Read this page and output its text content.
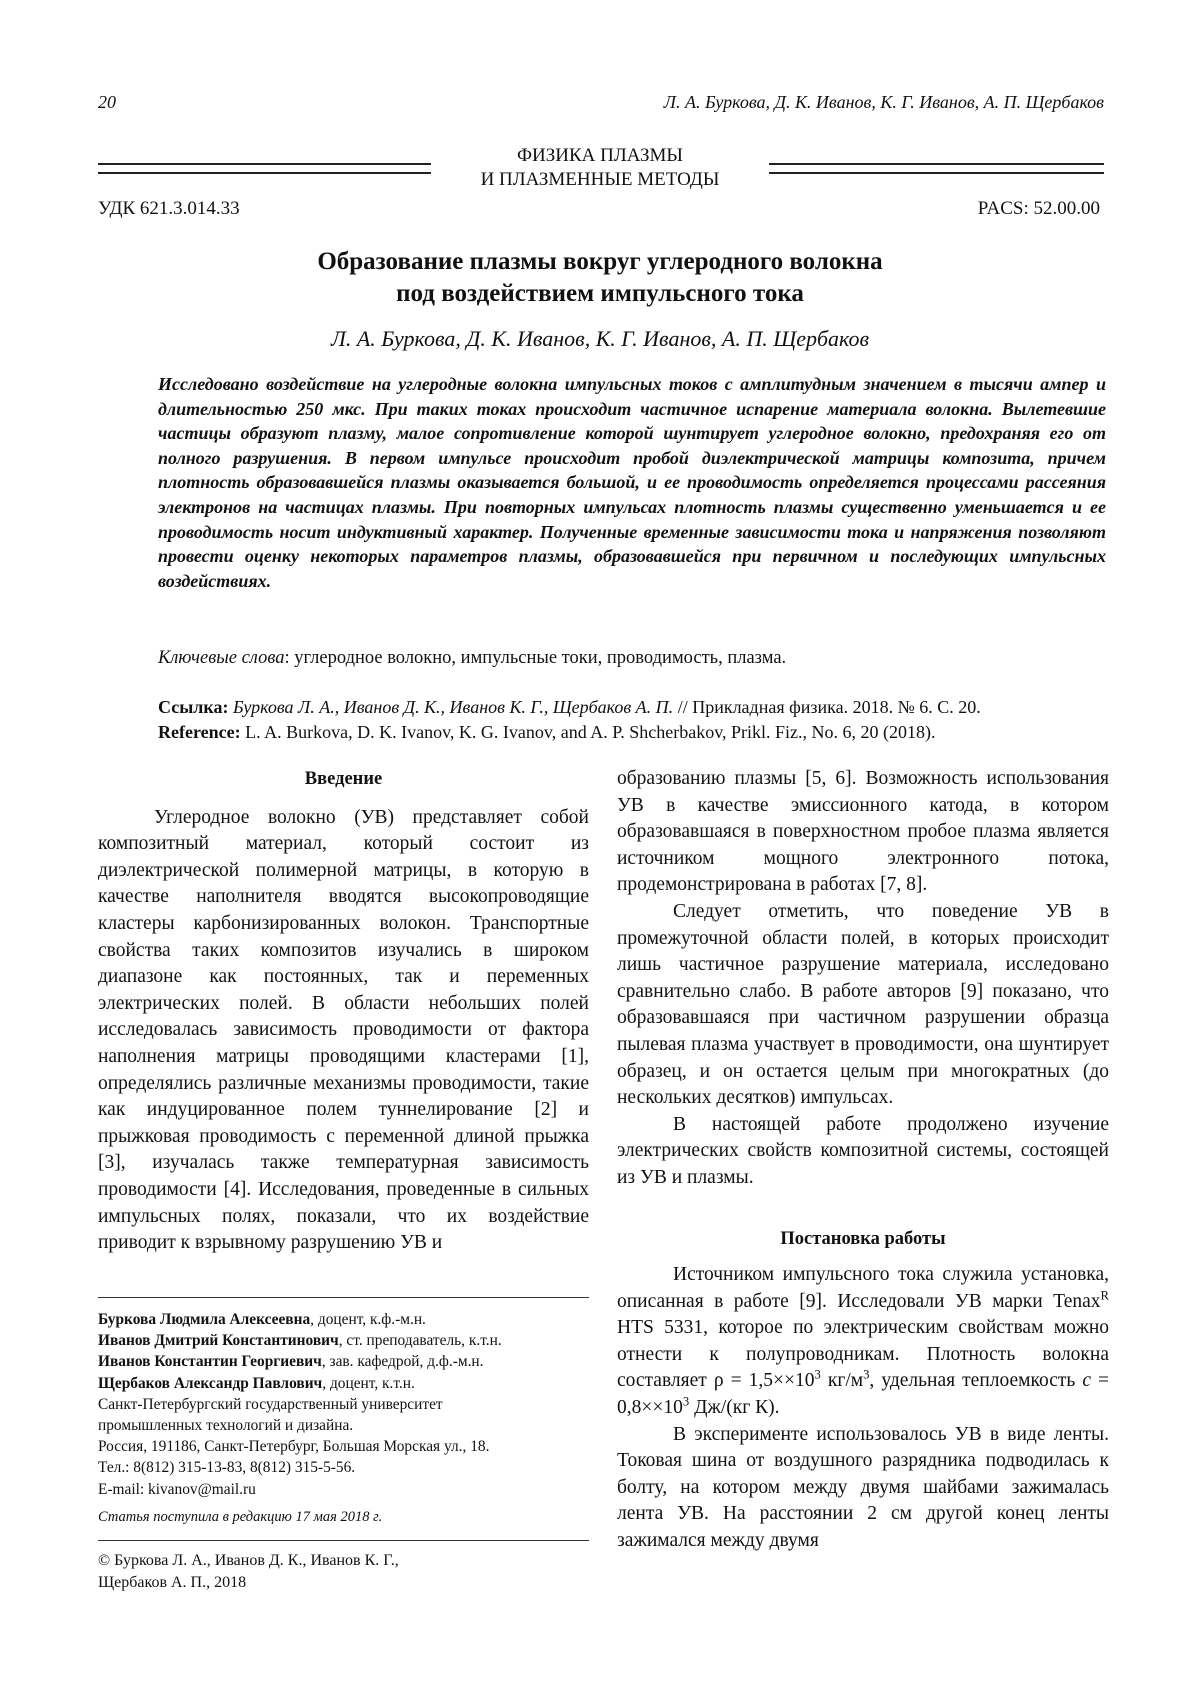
20	Л. А. Буркова, Д. К. Иванов, К. Г. Иванов, А. П. Щербаков
ФИЗИКА ПЛАЗМЫ
И ПЛАЗМЕННЫЕ МЕТОДЫ
УДК 621.3.014.33	PACS: 52.00.00
Образование плазмы вокруг углеродного волокна
под воздействием импульсного тока
Л. А. Буркова, Д. К. Иванов, К. Г. Иванов, А. П. Щербаков
Исследовано воздействие на углеродные волокна импульсных токов с амплитудным значением в тысячи ампер и длительностью 250 мкс. При таких токах происходит частичное испарение материала волокна. Вылетевшие частицы образуют плазму, малое сопротивление которой шунтирует углеродное волокно, предохраняя его от полного разрушения. В первом импульсе происходит пробой диэлектрической матрицы композита, причем плотность образовавшейся плазмы оказывается большой, и ее проводимость определяется процессами рассеяния электронов на частицах плазмы. При повторных импульсах плотность плазмы существенно уменьшается и ее проводимость носит индуктивный характер. Полученные временные зависимости тока и напряжения позволяют провести оценку некоторых параметров плазмы, образовавшейся при первичном и последующих импульсных воздействиях.
Ключевые слова: углеродное волокно, импульсные токи, проводимость, плазма.
Ссылка: Буркова Л. А., Иванов Д. К., Иванов К. Г., Щербаков А. П. // Прикладная физика. 2018. № 6. С. 20.
Reference: L. A. Burkova, D. K. Ivanov, K. G. Ivanov, and A. P. Shcherbakov, Prikl. Fiz., No. 6, 20 (2018).
Введение

Углеродное волокно (УВ) представляет собой композитный материал, который состоит из диэлектрической полимерной матрицы, в которую в качестве наполнителя вводятся высокопроводящие кластеры карбонизированных волокон. Транспортные свойства таких композитов изучались в широком диапазоне как постоянных, так и переменных электрических полей. В области небольших полей исследовалась зависимость проводимости от фактора наполнения матрицы проводящими кластерами [1], определялись различные механизмы проводимости, такие как индуцированное полем туннелирование [2] и прыжковая проводимость с переменной длиной прыжка [3], изучалась также температурная зависимость проводимости [4]. Исследования, проведенные в сильных импульсных полях, показали, что их воздействие приводит к взрывному разрушению УВ и

образованию плазмы [5, 6]. Возможность использования УВ в качестве эмиссионного катода, в котором образовавшаяся в поверхностном пробое плазма является источником мощного электронного потока, продемонстрирована в работах [7, 8].

Следует отметить, что поведение УВ в промежуточной области полей, в которых происходит лишь частичное разрушение материала, исследовано сравнительно слабо. В работе авторов [9] показано, что образовавшаяся при частичном разрушении образца пылевая плазма участвует в проводимости, она шунтирует образец, и он остается целым при многократных (до нескольких десятков) импульсах.

В настоящей работе продолжено изучение электрических свойств композитной системы, состоящей из УВ и плазмы.

Постановка работы

Источником импульсного тока служила установка, описанная в работе [9]. Исследовали УВ марки TenaxR HTS 5331, которое по электрическим свойствам можно отнести к полупроводникам. Плотность волокна составляет ρ = 1,5××103 кг/м3, удельная теплоемкость c = 0,8××103 Дж/(кг К).

В эксперименте использовалось УВ в виде ленты. Токовая шина от воздушного разрядника подводилась к болту, на котором между двумя шайбами зажималась лента УВ. На расстоянии 2 см другой конец ленты зажимался между двумя

Буркова Людмила Алексеевна, доцент, к.ф.-м.н.
Иванов Дмитрий Константинович, ст. преподаватель, к.т.н.
Иванов Константин Георгиевич, зав. кафедрой, д.ф.-м.н.
Щербаков Александр Павлович, доцент, к.т.н.
Санкт-Петербургский государственный университет
промышленных технологий и дизайна.
Россия, 191186, Санкт-Петербург, Большая Морская ул., 18.
Тел.: 8(812) 315-13-83, 8(812) 315-5-56.
E-mail: kivanov@mail.ru
Статья поступила в редакцию 17 мая 2018 г.
© Буркова Л. А., Иванов Д. К., Иванов К. Г.,
Щербаков А. П., 2018
